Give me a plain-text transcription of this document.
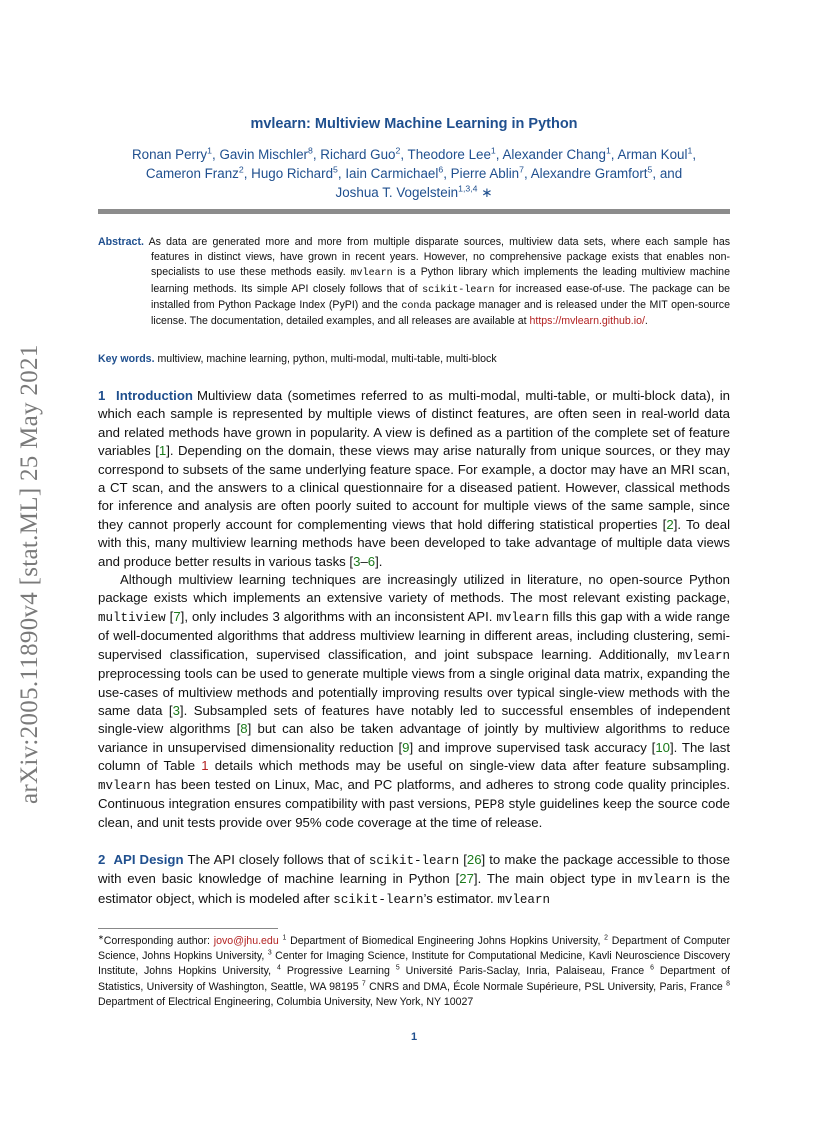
arXiv:2005.11890v4 [stat.ML] 25 May 2021
mvlearn: Multiview Machine Learning in Python
Ronan Perry$^1$, Gavin Mischler$^8$, Richard Guo$^2$, Theodore Lee$^1$, Alexander Chang$^1$, Arman Koul$^1$,
Cameron Franz$^2$, Hugo Richard$^5$, Iain Carmichael$^6$, Pierre Ablin$^7$, Alexandre Gramfort$^5$, and
Joshua T. Vogelstein$^{1,3,4}$ ∗
Abstract. As data are generated more and more from multiple disparate sources, multiview data sets, where each sample has features in distinct views, have grown in recent years. However, no comprehensive package exists that enables non-specialists to use these methods easily. mvlearn is a Python library which implements the leading multiview machine learning methods. Its simple API closely follows that of scikit-learn for increased ease-of-use. The package can be installed from Python Package Index (PyPI) and the conda package manager and is released under the MIT open-source license. The documentation, detailed examples, and all releases are available at https://mvlearn.github.io/.
Key words. multiview, machine learning, python, multi-modal, multi-table, multi-block

1 Introduction Multiview data (sometimes referred to as multi-modal, multi-table, or multi-block data), in which each sample is represented by multiple views of distinct features, are often seen in real-world data and related methods have grown in popularity. A view is defined as a partition of the complete set of feature variables [1]. Depending on the domain, these views may arise naturally from unique sources, or they may correspond to subsets of the same underlying feature space. For example, a doctor may have an MRI scan, a CT scan, and the answers to a clinical questionnaire for a diseased patient. However, classical methods for inference and analysis are often poorly suited to account for multiple views of the same sample, since they cannot properly account for complementing views that hold differing statistical properties [2]. To deal with this, many multiview learning methods have been developed to take advantage of multiple data views and produce better results in various tasks [3–6].

Although multiview learning techniques are increasingly utilized in literature, no open-source Python package exists which implements an extensive variety of methods. The most relevant existing package, multiview [7], only includes 3 algorithms with an inconsistent API. mvlearn fills this gap with a wide range of well-documented algorithms that address multiview learning in different areas, including clustering, semi-supervised classification, supervised classification, and joint subspace learning. Additionally, mvlearn preprocessing tools can be used to generate multiple views from a single original data matrix, expanding the use-cases of multiview methods and potentially improving results over typical single-view methods with the same data [3]. Subsampled sets of features have notably led to successful ensembles of independent single-view algorithms [8] but can also be taken advantage of jointly by multiview algorithms to reduce variance in unsupervised dimensionality reduction [9] and improve supervised task accuracy [10]. The last column of Table 1 details which methods may be useful on single-view data after feature subsampling. mvlearn has been tested on Linux, Mac, and PC platforms, and adheres to strong code quality principles. Continuous integration ensures compatibility with past versions, PEP8 style guidelines keep the source code clean, and unit tests provide over 95% code coverage at the time of release.

2 API Design The API closely follows that of scikit-learn [26] to make the package accessible to those with even basic knowledge of machine learning in Python [27]. The main object type in mvlearn is the estimator object, which is modeled after scikit-learn’s estimator. mvlearn
∗Corresponding author: jovo@jhu.edu $^1$ Department of Biomedical Engineering Johns Hopkins University, $^2$ Department of Computer Science, Johns Hopkins University, $^3$ Center for Imaging Science, Institute for Computational Medicine, Kavli Neuroscience Discovery Institute, Johns Hopkins University, $^4$ Progressive Learning $^5$ Université Paris-Saclay, Inria, Palaiseau, France $^6$ Department of Statistics, University of Washington, Seattle, WA 98195 $^7$ CNRS and DMA, École Normale Supérieure, PSL University, Paris, France $^8$ Department of Electrical Engineering, Columbia University, New York, NY 10027
1
